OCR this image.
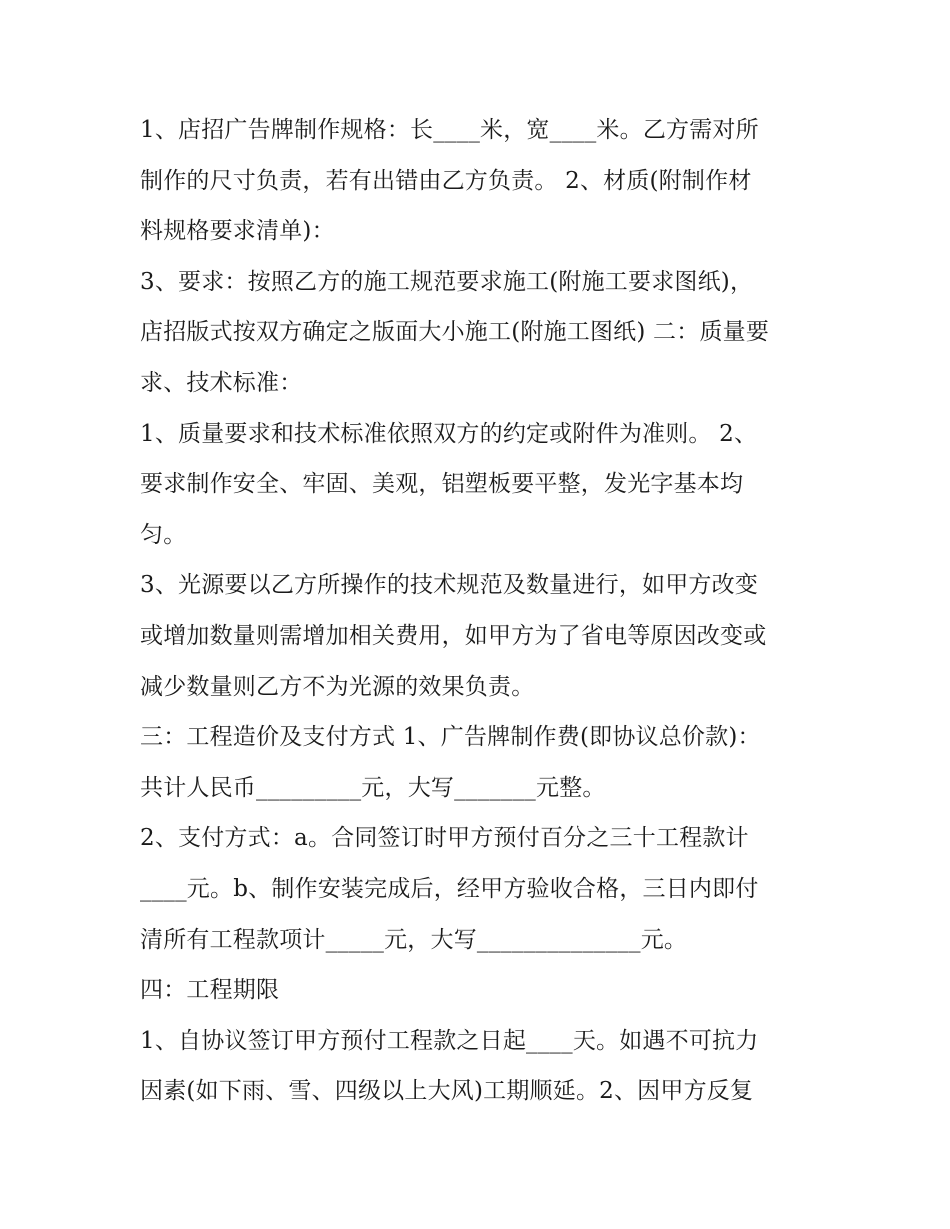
1、店招广告牌制作规格：长____米，宽____米。乙方需对所
制作的尺寸负责，若有出错由乙方负责。 2、材质(附制作材
料规格要求清单)：
3、要求：按照乙方的施工规范要求施工(附施工要求图纸)，
店招版式按双方确定之版面大小施工(附施工图纸) 二：质量要
求、技术标准：
1、质量要求和技术标准依照双方的约定或附件为准则。 2、
要求制作安全、牢固、美观，铝塑板要平整，发光字基本均
匀。
3、光源要以乙方所操作的技术规范及数量进行，如甲方改变
或增加数量则需增加相关费用，如甲方为了省电等原因改变或
减少数量则乙方不为光源的效果负责。
三：工程造价及支付方式 1、广告牌制作费(即协议总价款)：
共计人民币_________元，大写_______元整。
2、支付方式：a。合同签订时甲方预付百分之三十工程款计
____元。b、制作安装完成后，经甲方验收合格，三日内即付
清所有工程款项计_____元，大写______________元。
四：工程期限
1、自协议签订甲方预付工程款之日起____天。如遇不可抗力
因素(如下雨、雪、四级以上大风)工期顺延。2、因甲方反复
